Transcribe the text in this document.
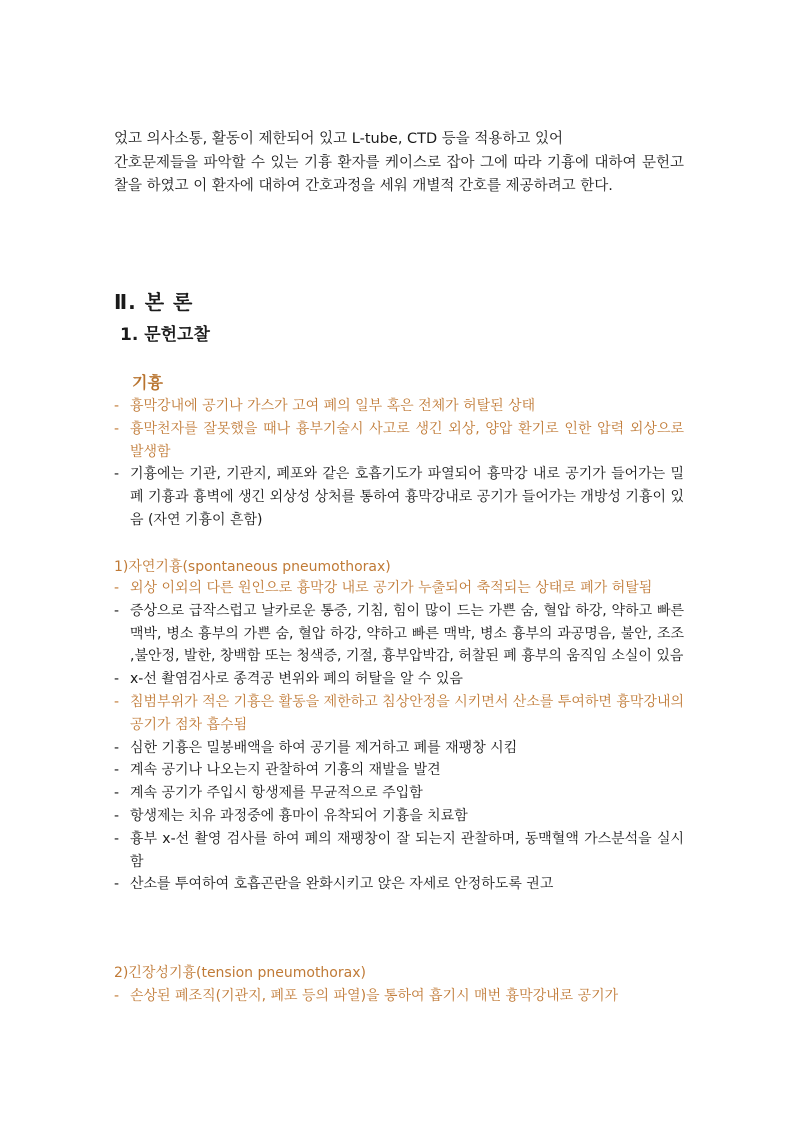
었고 의사소통, 활동이 제한되어 있고 L-tube, CTD 등을 적용하고 있어

간호문제들을 파악할 수 있는 기흉 환자를 케이스로 잡아 그에 따라 기흉에 대하여 문헌고찰을 하였고 이 환자에 대하여 간호과정을 세워 개별적 간호를 제공하려고 한다.

Ⅱ. 본 론
1. 문헌고찰
기흉
- 흉막강내에 공기나 가스가 고여 폐의 일부 혹은 전체가 허탈된 상태
- 흉막천자를 잘못했을 때나 흉부기술시 사고로 생긴 외상, 양압 환기로 인한 압력 외상으로 발생함
- 기흉에는 기관, 기관지, 폐포와 같은 호흡기도가 파열되어 흉막강 내로 공기가 들어가는 밀폐 기흉과 흉벽에 생긴 외상성 상처를 통하여 흉막강내로 공기가 들어가는 개방성 기흉이 있음 (자연 기흉이 흔함)
1)자연기흉(spontaneous pneumothorax)
- 외상 이외의 다른 원인으로 흉막강 내로 공기가 누출되어 축적되는 상태로 폐가 허탈됨
- 증상으로 급작스럽고 날카로운 통증, 기침, 힘이 많이 드는 가쁜 숨, 혈압 하강, 약하고 빠른 맥박, 병소 흉부의 가쁜 숨, 혈압 하강, 약하고 빠른 맥박, 병소 흉부의 과공명음, 불안, 조조 ,불안정, 발한, 창백함 또는 청색증, 기절, 흉부압박감, 허찰된 폐 흉부의 움직임 소실이 있음
- x-선 촬염검사로 종격공 변위와 폐의 허탈을 알 수 있음
- 침범부위가 적은 기흉은 활동을 제한하고 침상안정을 시키면서 산소를 투여하면 흉막강내의 공기가 점차 흡수됨
- 심한 기흉은 밀봉배액을 하여 공기를 제거하고 폐를 재팽창 시킴
- 계속 공기나 나오는지 관찰하여 기흉의 재발을 발견
- 계속 공기가 주입시 항생제를 무균적으로 주입함
- 항생제는 치유 과정중에 흉마이 유착되어 기흉을 치료함
- 흉부 x-선 촬영 검사를 하여 폐의 재팽창이 잘 되는지 관찰하며, 동맥혈액 가스분석을 실시함
- 산소를 투여하여 호흡곤란을 완화시키고 앉은 자세로 안정하도록 권고
2)긴장성기흉(tension pneumothorax)
- 손상된 폐조직(기관지, 폐포 등의 파열)을 통하여 흡기시 매번 흉막강내로 공기가
